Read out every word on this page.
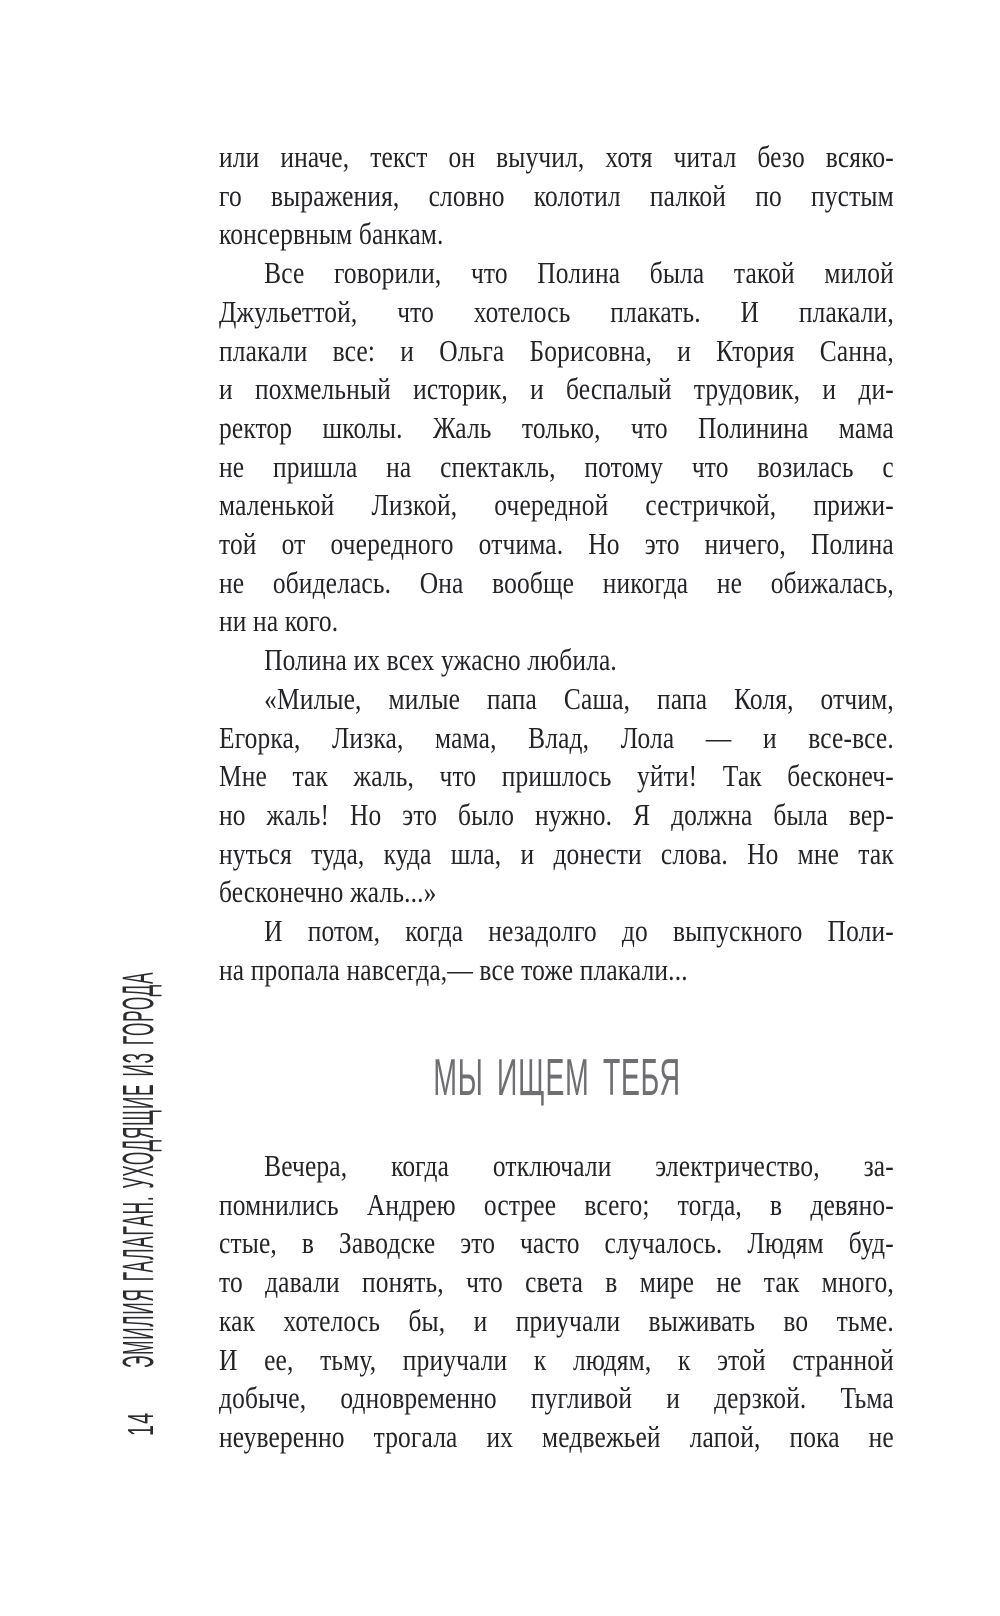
ЭМИЛИЯ ГАЛАГАН. УХОДЯЩИЕ ИЗ ГОРОДА
14
или иначе, текст он выучил, хотя читал безо всяко-
го выражения, словно колотил палкой по пустым
консервным банкам.
Все говорили, что Полина была такой милой
Джульеттой, что хотелось плакать. И плакали,
плакали все: и Ольга Борисовна, и Ктория Санна,
и похмельный историк, и беспалый трудовик, и ди-
ректор школы. Жаль только, что Полинина мама
не пришла на спектакль, потому что возилась с
маленькой Лизкой, очередной сестричкой, прижи-
той от очередного отчима. Но это ничего, Полина
не обиделась. Она вообще никогда не обижалась,
ни на кого.
Полина их всех ужасно любила.
«Милые, милые папа Саша, папа Коля, отчим,
Егорка, Лизка, мама, Влад, Лола — и все-все.
Мне так жаль, что пришлось уйти! Так бесконеч-
но жаль! Но это было нужно. Я должна была вер-
нуться туда, куда шла, и донести слова. Но мне так
бесконечно жаль...»
И потом, когда незадолго до выпускного Поли-
на пропала навсегда,— все тоже плакали...
МЫ ИЩЕМ ТЕБЯ
Вечера, когда отключали электричество, за-
помнились Андрею острее всего; тогда, в девяно-
стые, в Заводске это часто случалось. Людям буд-
то давали понять, что света в мире не так много,
как хотелось бы, и приучали выживать во тьме.
И ее, тьму, приучали к людям, к этой странной
добыче, одновременно пугливой и дерзкой. Тьма
неуверенно трогала их медвежьей лапой, пока не
